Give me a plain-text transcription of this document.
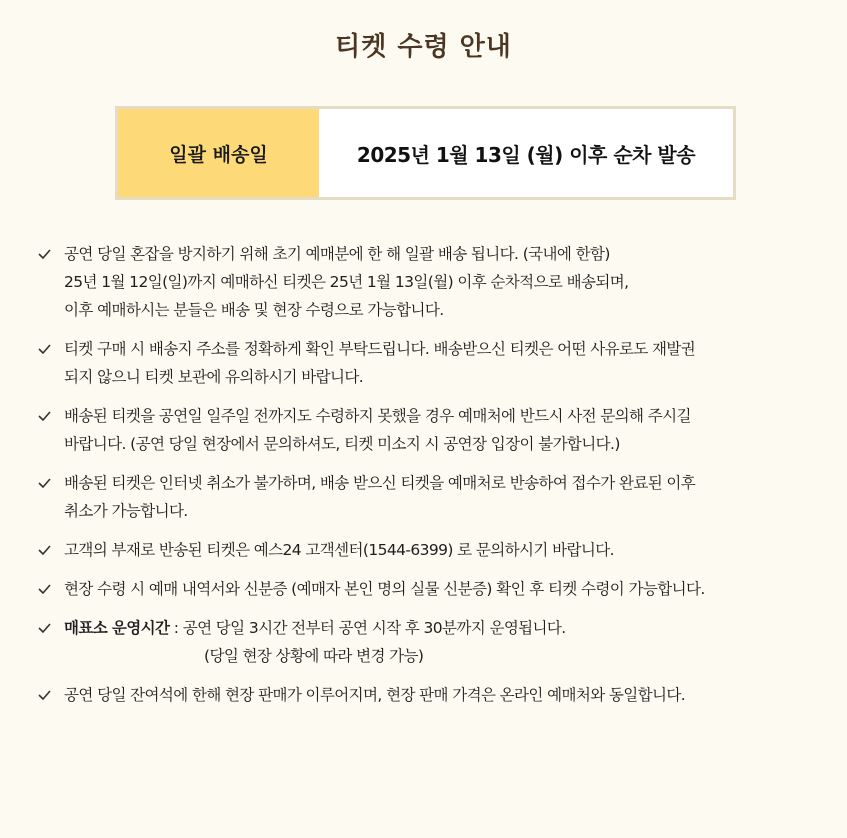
티켓 수령 안내
일괄 배송일	2025년 1월 13일 (월) 이후 순차 발송
공연 당일 혼잡을 방지하기 위해 초기 예매분에 한 해 일괄 배송 됩니다. (국내에 한함)
25년 1월 12일(일)까지 예매하신 티켓은 25년 1월 13일(월) 이후 순차적으로 배송되며,
이후 예매하시는 분들은 배송 및 현장 수령으로 가능합니다.
티켓 구매 시 배송지 주소를 정확하게 확인 부탁드립니다. 배송받으신 티켓은 어떤 사유로도 재발권
되지 않으니 티켓 보관에 유의하시기 바랍니다.
배송된 티켓을 공연일 일주일 전까지도 수령하지 못했을 경우 예매처에 반드시 사전 문의해 주시길
바랍니다. (공연 당일 현장에서 문의하셔도, 티켓 미소지 시 공연장 입장이 불가합니다.)
배송된 티켓은 인터넷 취소가 불가하며, 배송 받으신 티켓을 예매처로 반송하여 접수가 완료된 이후
취소가 가능합니다.
고객의 부재로 반송된 티켓은 예스24 고객센터(1544-6399) 로 문의하시기 바랍니다.
현장 수령 시 예매 내역서와 신분증 (예매자 본인 명의 실물 신분증) 확인 후 티켓 수령이 가능합니다.
매표소 운영시간 : 공연 당일 3시간 전부터 공연 시작 후 30분까지 운영됩니다.
(당일 현장 상황에 따라 변경 가능)
공연 당일 잔여석에 한해 현장 판매가 이루어지며, 현장 판매 가격은 온라인 예매처와 동일합니다.
